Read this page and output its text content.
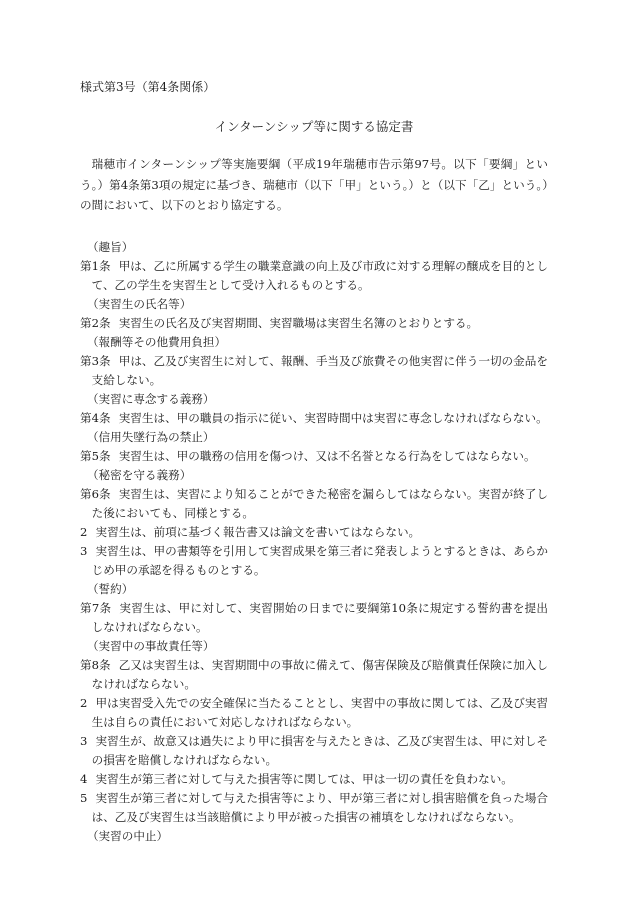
様式第3号（第4条関係）

インターンシップ等に関する協定書

瑞穂市インターンシップ等実施要綱（平成19年瑞穂市告示第97号。以下「要綱」という。）第4条第3項の規定に基づき、瑞穂市（以下「甲」という。）と（以下「乙」という。）の間において、以下のとおり協定する。

（趣旨）

第1条 甲は、乙に所属する学生の職業意識の向上及び市政に対する理解の醸成を目的として、乙の学生を実習生として受け入れるものとする。

（実習生の氏名等）

第2条 実習生の氏名及び実習期間、実習職場は実習生名簿のとおりとする。

（報酬等その他費用負担）

第3条 甲は、乙及び実習生に対して、報酬、手当及び旅費その他実習に伴う一切の金品を支給しない。

（実習に専念する義務）

第4条 実習生は、甲の職員の指示に従い、実習時間中は実習に専念しなければならない。

（信用失墜行為の禁止）

第5条 実習生は、甲の職務の信用を傷つけ、又は不名誉となる行為をしてはならない。

（秘密を守る義務）

第6条 実習生は、実習により知ることができた秘密を漏らしてはならない。実習が終了した後においても、同様とする。

2 実習生は、前項に基づく報告書又は論文を書いてはならない。

3 実習生は、甲の書類等を引用して実習成果を第三者に発表しようとするときは、あらかじめ甲の承認を得るものとする。

（誓約）

第7条 実習生は、甲に対して、実習開始の日までに要綱第10条に規定する誓約書を提出しなければならない。

（実習中の事故責任等）

第8条 乙又は実習生は、実習期間中の事故に備えて、傷害保険及び賠償責任保険に加入しなければならない。

2 甲は実習受入先での安全確保に当たることとし、実習中の事故に関しては、乙及び実習生は自らの責任において対応しなければならない。

3 実習生が、故意又は過失により甲に損害を与えたときは、乙及び実習生は、甲に対しその損害を賠償しなければならない。

4 実習生が第三者に対して与えた損害等に関しては、甲は一切の責任を負わない。

5 実習生が第三者に対して与えた損害等により、甲が第三者に対し損害賠償を負った場合は、乙及び実習生は当該賠償により甲が被った損害の補填をしなければならない。

（実習の中止）
